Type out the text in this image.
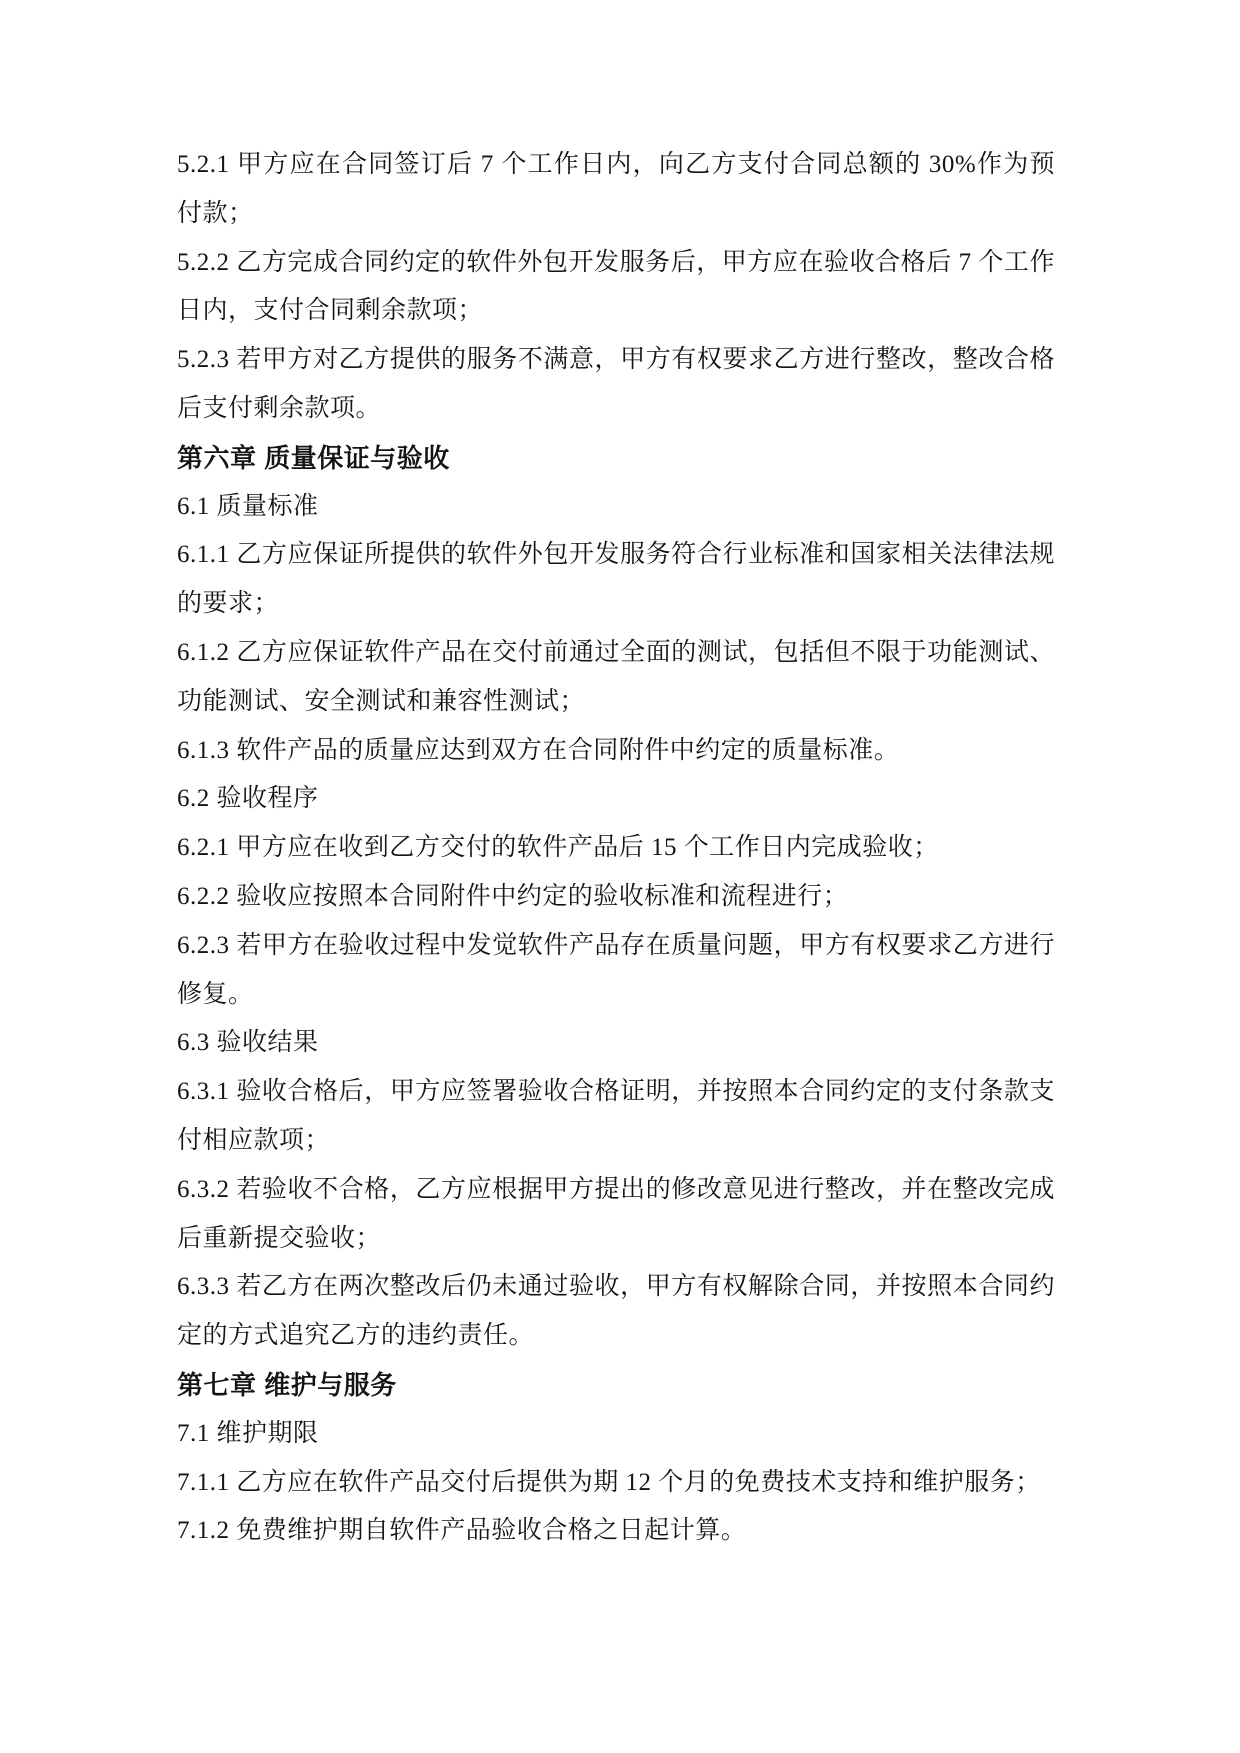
5.2.1 甲方应在合同签订后 7 个工作日内，向乙方支付合同总额的 30%作为预付款；

5.2.2 乙方完成合同约定的软件外包开发服务后，甲方应在验收合格后 7 个工作日内，支付合同剩余款项；

5.2.3 若甲方对乙方提供的服务不满意，甲方有权要求乙方进行整改，整改合格后支付剩余款项。

第六章 质量保证与验收

6.1 质量标准

6.1.1 乙方应保证所提供的软件外包开发服务符合行业标准和国家相关法律法规的要求；

6.1.2 乙方应保证软件产品在交付前通过全面的测试，包括但不限于功能测试、功能测试、安全测试和兼容性测试；

6.1.3 软件产品的质量应达到双方在合同附件中约定的质量标准。

6.2 验收程序

6.2.1 甲方应在收到乙方交付的软件产品后 15 个工作日内完成验收；

6.2.2 验收应按照本合同附件中约定的验收标准和流程进行；

6.2.3 若甲方在验收过程中发觉软件产品存在质量问题，甲方有权要求乙方进行修复。

6.3 验收结果

6.3.1 验收合格后，甲方应签署验收合格证明，并按照本合同约定的支付条款支付相应款项；

6.3.2 若验收不合格，乙方应根据甲方提出的修改意见进行整改，并在整改完成后重新提交验收；

6.3.3 若乙方在两次整改后仍未通过验收，甲方有权解除合同，并按照本合同约定的方式追究乙方的违约责任。

第七章 维护与服务

7.1 维护期限

7.1.1 乙方应在软件产品交付后提供为期 12 个月的免费技术支持和维护服务；

7.1.2 免费维护期自软件产品验收合格之日起计算。
